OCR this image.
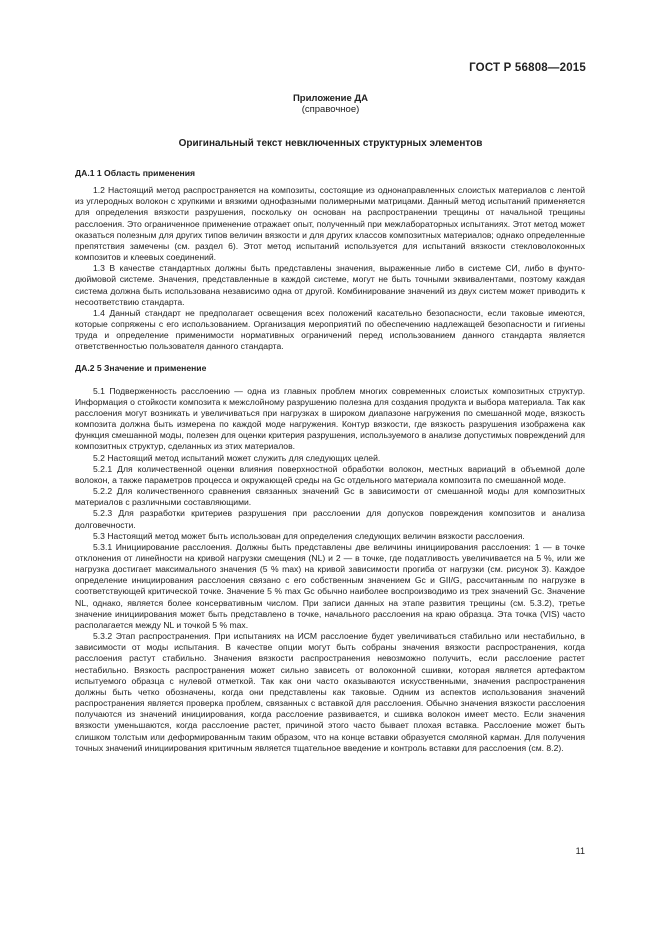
ГОСТ Р 56808—2015
Приложение ДА
(справочное)
Оригинальный текст невключенных структурных элементов
ДА.1 1 Область применения

1.2 Настоящий метод распространяется на композиты, состоящие из однонаправленных слоистых материалов с лентой из углеродных волокон с хрупкими и вязкими однофазными полимерными матрицами. Данный метод испытаний применяется для определения вязкости разрушения, поскольку он основан на распространении трещины от начальной трещины расслоения. Это ограниченное применение отражает опыт, полученный при межлабораторных испытаниях. Этот метод может оказаться полезным для других типов величин вязкости и для других классов композитных материалов; однако определенные препятствия замечены (см. раздел 6). Этот метод испытаний используется для испытаний вязкости стекловолоконных композитов и клеевых соединений.

1.3 В качестве стандартных должны быть представлены значения, выраженные либо в системе СИ, либо в фунто-дюймовой системе. Значения, представленные в каждой системе, могут не быть точными эквивалентами, поэтому каждая система должна быть использована независимо одна от другой. Комбинирование значений из двух систем может приводить к несоответствию стандарта.

1.4 Данный стандарт не предполагает освещения всех положений касательно безопасности, если таковые имеются, которые сопряжены с его использованием. Организация мероприятий по обеспечению надлежащей безопасности и гигиены труда и определение применимости нормативных ограничений перед использованием данного стандарта является ответственностью пользователя данного стандарта.

ДА.2 5 Значение и применение

5.1 Подверженность расслоению — одна из главных проблем многих современных слоистых композитных структур. Информация о стойкости композита к межслойному разрушению полезна для создания продукта и выбора материала. Так как расслоения могут возникать и увеличиваться при нагрузках в широком диапазоне нагружения по смешанной моде, вязкость композита должна быть измерена по каждой моде нагружения. Контур вязкости, где вязкость разрушения изображена как функция смешанной моды, полезен для оценки критерия разрушения, используемого в анализе допустимых повреждений для композитных структур, сделанных из этих материалов.

5.2 Настоящий метод испытаний может служить для следующих целей.

5.2.1 Для количественной оценки влияния поверхностной обработки волокон, местных вариаций в объемной доле волокон, а также параметров процесса и окружающей среды на Gc отдельного материала композита по смешанной моде.

5.2.2 Для количественного сравнения связанных значений Gc в зависимости от смешанной моды для композитных материалов с различными составляющими.

5.2.3 Для разработки критериев разрушения при расслоении для допусков повреждения композитов и анализа долговечности.

5.3 Настоящий метод может быть использован для определения следующих величин вязкости расслоения.

5.3.1 Инициирование расслоения. Должны быть представлены две величины инициирования расслоения: 1 — в точке отклонения от линейности на кривой нагрузки смещения (NL) и 2 — в точке, где податливость увеличивается на 5 %, или же нагрузка достигает максимального значения (5 % max) на кривой зависимости прогиба от нагрузки (см. рисунок 3). Каждое определение инициирования расслоения связано с его собственным значением Gc и GII/G, рассчитанным по нагрузке в соответствующей критической точке. Значение 5 % max Gc обычно наиболее воспроизводимо из трех значений Gc. Значение NL, однако, является более консервативным числом. При записи данных на этапе развития трещины (см. 5.3.2), третье значение инициирования может быть представлено в точке, начального расслоения на краю образца. Эта точка (VIS) часто располагается между NL и точкой 5 % max.

5.3.2 Этап распространения. При испытаниях на ИСМ расслоение будет увеличиваться стабильно или нестабильно, в зависимости от моды испытания. В качестве опции могут быть собраны значения вязкости распространения, когда расслоения растут стабильно. Значения вязкости распространения невозможно получить, если расслоение растет нестабильно. Вязкость распространения может сильно зависеть от волоконной сшивки, которая является артефактом испытуемого образца с нулевой отметкой. Так как они часто оказываются искусственными, значения распространения должны быть четко обозначены, когда они представлены как таковые. Одним из аспектов использования значений распространения является проверка проблем, связанных с вставкой для расслоения. Обычно значения вязкости расслоения получаются из значений инициирования, когда расслоение развивается, и сшивка волокон имеет место. Если значения вязкости уменьшаются, когда расслоение растет, причиной этого часто бывает плохая вставка. Расслоение может быть слишком толстым или деформированным таким образом, что на конце вставки образуется смоляной карман. Для получения точных значений инициирования критичным является тщательное введение и контроль вставки для расслоения (см. 8.2).

11
